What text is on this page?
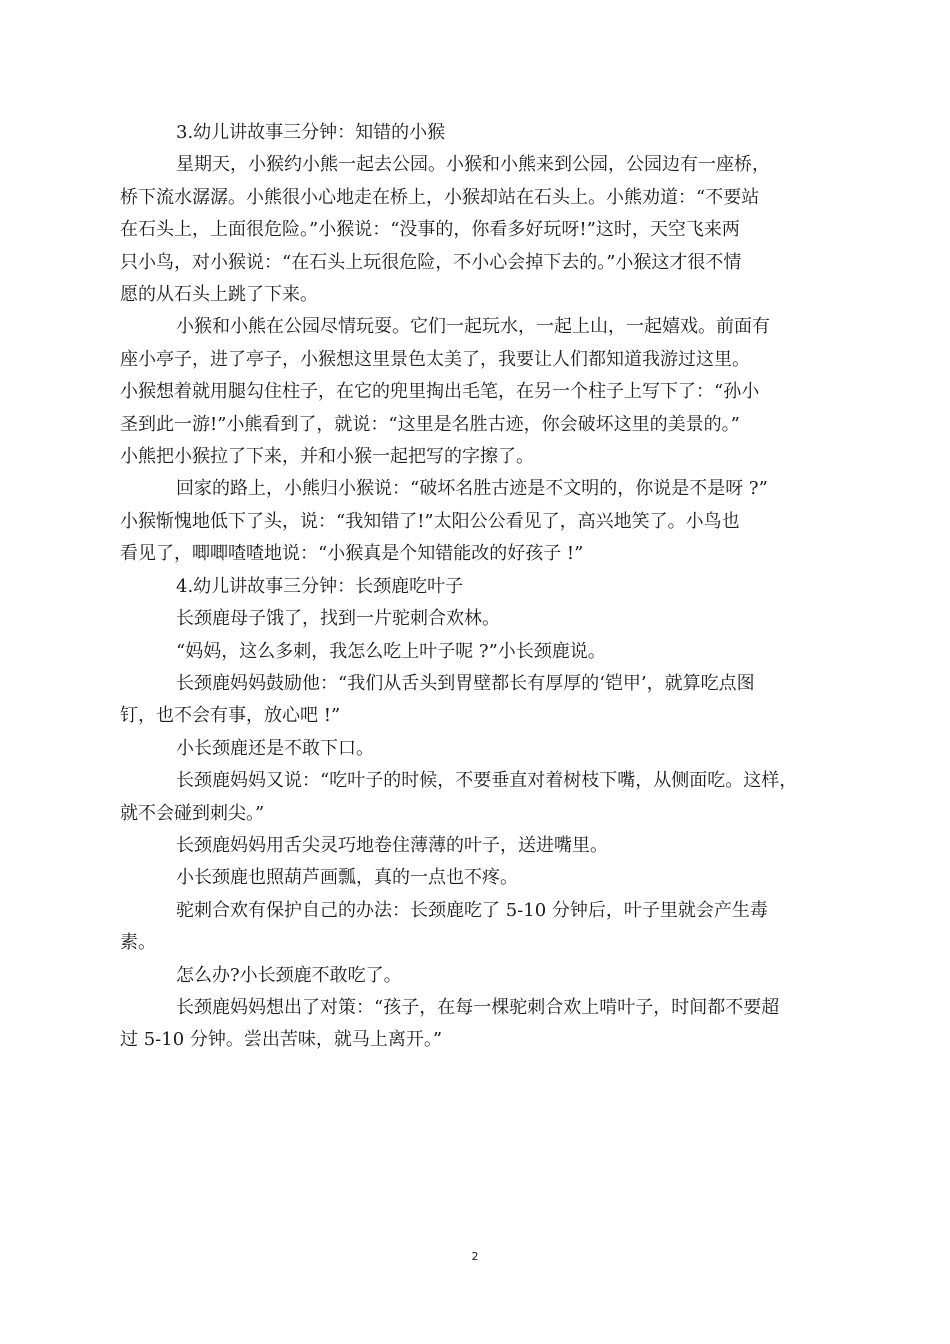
3.幼儿讲故事三分钟：知错的小猴

星期天，小猴约小熊一起去公园。小猴和小熊来到公园，公园边有一座桥，

桥下流水潺潺。小熊很小心地走在桥上，小猴却站在石头上。小熊劝道：“不要站

在石头上，上面很危险。”小猴说：“没事的，你看多好玩呀!”这时，天空飞来两

只小鸟，对小猴说：“在石头上玩很危险，不小心会掉下去的。”小猴这才很不情

愿的从石头上跳了下来。

小猴和小熊在公园尽情玩耍。它们一起玩水，一起上山，一起嬉戏。前面有

座小亭子，进了亭子，小猴想这里景色太美了，我要让人们都知道我游过这里。

小猴想着就用腿勾住柱子，在它的兜里掏出毛笔，在另一个柱子上写下了：“孙小

圣到此一游!”小熊看到了，就说：“这里是名胜古迹，你会破坏这里的美景的。”

小熊把小猴拉了下来，并和小猴一起把写的字擦了。

回家的路上，小熊归小猴说：“破坏名胜古迹是不文明的，你说是不是呀 ?”

小猴惭愧地低下了头，说：“我知错了!”太阳公公看见了，高兴地笑了。小鸟也

看见了，唧唧喳喳地说：“小猴真是个知错能改的好孩子 !”

4.幼儿讲故事三分钟：长颈鹿吃叶子

长颈鹿母子饿了，找到一片驼刺合欢林。

“妈妈，这么多刺，我怎么吃上叶子呢 ?”小长颈鹿说。

长颈鹿妈妈鼓励他：“我们从舌头到胃壁都长有厚厚的‘铠甲’，就算吃点图

钉，也不会有事，放心吧 !”

小长颈鹿还是不敢下口。

长颈鹿妈妈又说：“吃叶子的时候，不要垂直对着树枝下嘴，从侧面吃。这样，

就不会碰到刺尖。”

长颈鹿妈妈用舌尖灵巧地卷住薄薄的叶子，送进嘴里。

小长颈鹿也照葫芦画瓢，真的一点也不疼。

驼刺合欢有保护自己的办法：长颈鹿吃了 5-10 分钟后，叶子里就会产生毒

素。

怎么办?小长颈鹿不敢吃了。

长颈鹿妈妈想出了对策：“孩子，在每一棵驼刺合欢上啃叶子，时间都不要超

过 5-10 分钟。尝出苦味，就马上离开。”

2
